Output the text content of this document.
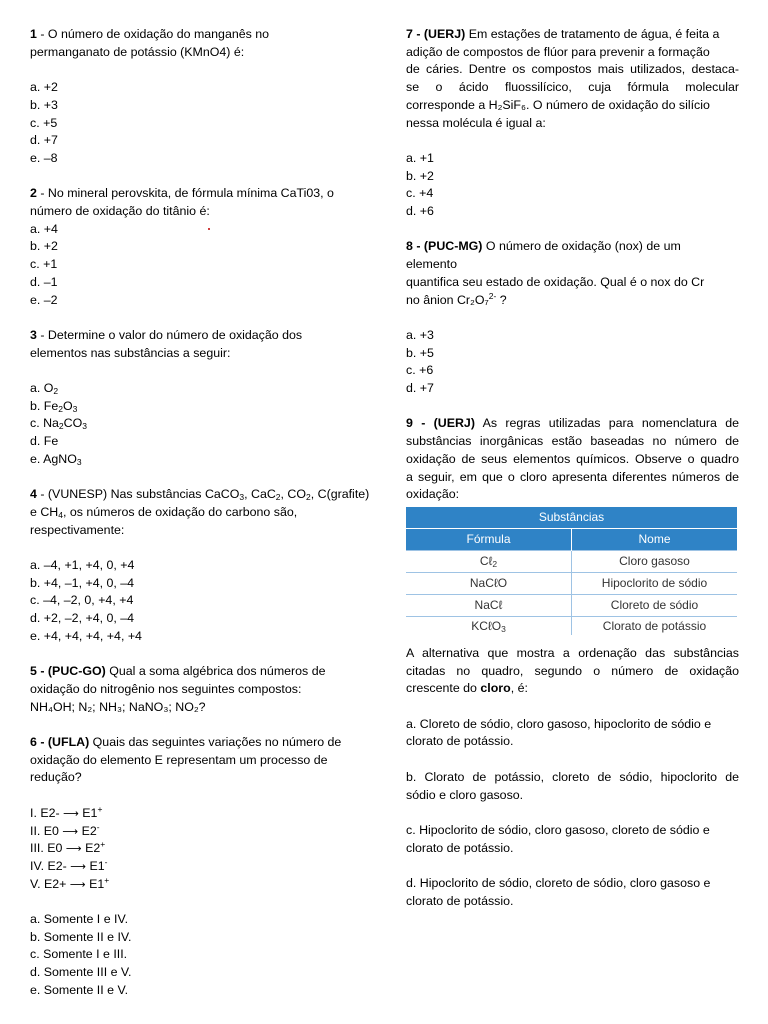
1 - O número de oxidação do manganês no
permanganato de potássio (KMnO4) é:
a. +2
b. +3
c. +5
d. +7
e. –8
2 - No mineral perovskita, de fórmula mínima CaTi03, o
número de oxidação do titânio é:
a. +4
b. +2
c. +1
d. –1
e. –2
3 - Determine o valor do número de oxidação dos
elementos nas substâncias a seguir:
a. $O_2$
b. $Fe_2O_3$
c. $Na_2CO_3$
d. Fe
e. AgNO$_3$
4 - (VUNESP) Nas substâncias CaCO$_3$, CaC$_2$, $CO_2$, C(grafite)
e $CH_4$, os números de oxidação do carbono são,
respectivamente:
a. –4, +1, +4, 0, +4
b. +4, –1, +4, 0, –4
c. –4, –2, 0, +4, +4
d. +2, –2, +4, 0, –4
e. +4, +4, +4, +4, +4
5 - (PUC-GO) Qual a soma algébrica dos números de
oxidação do nitrogênio nos seguintes compostos:
NH₄OH; N₂; NH₃; NaNO₃; NO₂?
6 - (UFLA) Quais das seguintes variações no número de
oxidação do elemento E representam um processo de
redução?
I. E2- ⟶ E1+
II. E0 ⟶ E2-
III. E0 ⟶ E2+
IV. E2- ⟶ E1-
V. E2+ ⟶ E1+
a. Somente I e IV.
b. Somente II e IV.
c. Somente I e III.
d. Somente III e V.
e. Somente II e V.
7 - (UERJ) Em estações de tratamento de água, é feita a
adição de compostos de flúor para prevenir a formação
de cáries. Dentre os compostos mais utilizados, destaca-
se o ácido fluossilícico, cuja fórmula molecular
corresponde a H₂SiF₆. O número de oxidação do silício
nessa molécula é igual a:
a. +1
b. +2
c. +4
d. +6
8 - (PUC-MG) O número de oxidação (nox) de um
elemento
quantifica seu estado de oxidação. Qual é o nox do Cr
no ânion Cr₂O₇$^{2-}$ ?
a. +3
b. +5
c. +6
d. +7
9 - (UERJ) As regras utilizadas para nomenclatura de
substâncias inorgânicas estão baseadas no número de
oxidação de seus elementos químicos. Observe o quadro
a seguir, em que o cloro apresenta diferentes números de
oxidação:
Substâncias	
Fórmula	Nome
Cℓ$_2$	Cloro gasoso
NaCℓO	Hipoclorito de sódio
NaCℓ	Cloreto de sódio
KCℓO$_3$	Clorato de potássio
A alternativa que mostra a ordenação das substâncias
citadas no quadro, segundo o número de oxidação
crescente do cloro, é:
a. Cloreto de sódio, cloro gasoso, hipoclorito de sódio e
clorato de potássio.
b. Clorato de potássio, cloreto de sódio, hipoclorito de
sódio e cloro gasoso.
c. Hipoclorito de sódio, cloro gasoso, cloreto de sódio e
clorato de potássio.
d. Hipoclorito de sódio, cloreto de sódio, cloro gasoso e
clorato de potássio.
